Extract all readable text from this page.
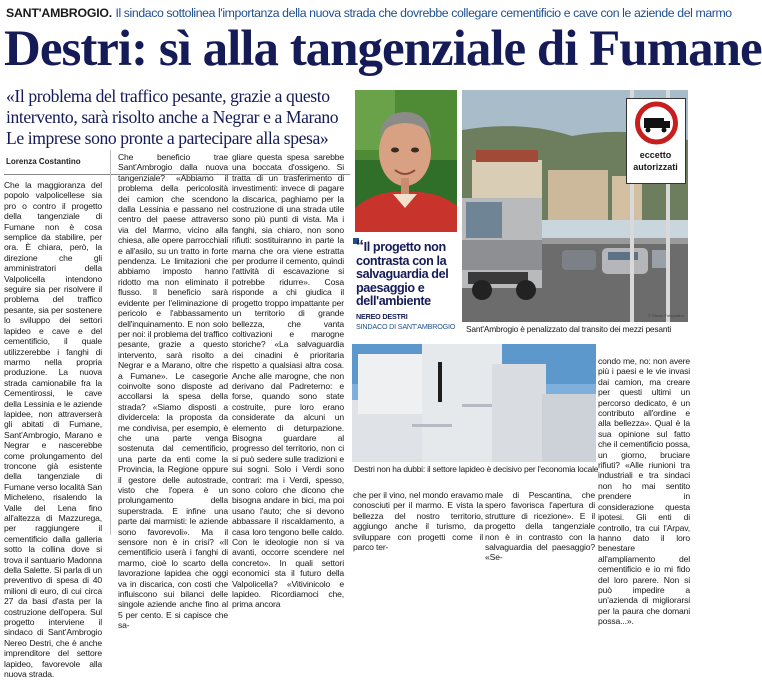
SANT'AMBROGIO. Il sindaco sottolinea l'importanza della nuova strada che dovrebbe collegare cementificio e cave con le aziende del marmo
Destri: sì alla tangenziale di Fumane
«Il problema del traffico pesante, grazie a questo intervento, sarà risolto anche a Negrar e a Marano Le imprese sono pronte a partecipare alla spesa»
Lorenza Costantino

Che la maggioranza del popolo valpolicellese sia pro o contro il progetto della tangenziale di Fumane non è cosa semplice da stabilire, per ora. È chiara, però, la direzione che gli amministratori della Valpolicella intendono seguire sia per risolvere il problema del traffico pesante, sia per sostenere lo sviluppo dei settori lapideo e cave e del cementificio, il quale utilizzerebbe i fanghi di marmo nella propria produzione. La nuova strada camionabile fra la Cementirossi, le cave della Lessinia e le aziende lapidee, non attraverserà gli abitati di Fumane, Sant'Ambrogio, Marano e Negrar e nascerebbe come prolungamento del troncone già esistente della tangenziale di Fumane verso località San Micheleno, risalendo la Valle del Lena fino all'altezza di Mazzurega, per raggiungere il cementificio dalla galleria sotto la collina dove si trova il santuario Madonna della Salette. Si parla di un preventivo di spesa di 40 milioni di euro, di cui circa 27 da basi d'asta per la costruzione dell'opera. Sul progetto interviene il sindaco di Sant'Ambrogio Nereo Destri, che è anche imprenditore del settore lapideo, favorevole alla nuova strada.

Che beneficio trae Sant'Ambrogio dalla nuova tangenziale? «Abbiamo il problema della pericolosità dei camion che scendono dalla Lessinia e passano nel centro del paese attraverso via del Marmo, vicino alla chiesa, alle opere parrocchiali e all'asilo, su un tratto in forte pendenza. Le limitazioni che abbiamo imposto hanno ridotto ma non eliminato il flusso. Il beneficio sarà evidente per l'eliminazione di pericolo e l'abbassamento dell'inquinamento. E non solo per noi: il problema del traffico pesante, grazie a questo intervento, sarà risolto a Negrar e a Marano, oltre che a Fumane». Le casegorie coinvolte sono disposte ad accollarsi la spesa della strada? «Siamo disposti a dividercela: la proposta da me condivisa, per esempio, è che una parte venga sostenuta dal cementificio, una parte da enti come la Provincia, la Regione oppure il gestore delle autostrade, visto che l'opera è un prolungamento della superstrada. E infine una parte dai marmisti: le aziende sono favorevoli». Ma il sensore non è in crisi? «Il cementificio userà i fanghi di marmo, cioè lo scarto della lavorazione lapidea che oggi va in discarica, con costi che influiscono sui bilanci delle singole aziende anche fino al 5 per cento. E si capisce che sa-

gliare questa spesa sarebbe una boccata d'ossigeno. Si tratta di un trasferimento di investimenti: invece di pagare la discarica, paghiamo per la costruzione di una strada utile sono più punti di vista. Ma i fanghi, sia chiaro, non sono rifiuti: sostituiranno in parte la marna che ora viene estratta per produrre il cemento, quindi l'attività di escavazione si potrebbe ridurre». Cosa risponde a chi giudica il progetto troppo impattante per un territorio di grande bellezza, che vanta coltivazioni e marogne storiche? «La salvaguardia dei cinadini è prioritaria rispetto a qualsiasi altra cosa. Anche alle marogne, che non derivano dal Padreterno: e forse, quando sono state costruite, pure loro erano considerate da alcuni un elemento di deturpazione. Bisogna guardare al progresso del territorio, non ci si può sedere sulle tradizioni e sui sogni. Solo i Verdi sono contrari: ma i Verdi, spesso, sono coloro che dicono che bisogna andare in bici, ma poi usano l'auto; che si devono abbassare il riscaldamento, a casa loro tengono belle caldo. Con le ideologie non si va avanti, occorre scendere nel concreto». In quali settori economici sta il futuro della Valpolicella? «Vitivinicolo e lapideo. Ricordiamoci che, prima ancora

eccetto
autorizzati
© Studio Fotografico
Sant'Ambrogio è penalizzato dal transito dei mezzi pesanti
“Il progetto non contrasta con la salvaguardia del paesaggio e dell'ambiente
NEREO DESTRI
SINDACO DI SANT'AMBROGIO
Destri non ha dubbi: il settore lapideo è decisivo per l'economia locale

che per il vino, nel mondo eravamo conosciuti per il marmo. E vista la bellezza del nostro territorio, aggiungo anche il turismo, da sviluppare con progetti come il parco ter-

male di Pescantina, che spero favorisca l'apertura di strutture di ricezione». E il progetto della tangenziale non è in contrasto con la salvaguardia del paesaggio? «Se-

condo me, no: non avere più i paesi e le vie invasi dai camion, ma creare per questi ultimi un percorso dedicato, è un contributo all'ordine e alla bellezza». Qual è la sua opinione sul fatto che il cementificio possa, un giorno, bruciare rifiuti? «Alle riunioni tra industriali e tra sindaci non ho mai sentito prendere in considerazione questa ipotesi. Gli enti di controllo, tra cui l'Arpav, hanno dato il loro benestare all'ampliamento del cementificio e io mi fido del loro parere. Non si può impedire a un'azienda di migliorarsi per la paura che domani possa...».
